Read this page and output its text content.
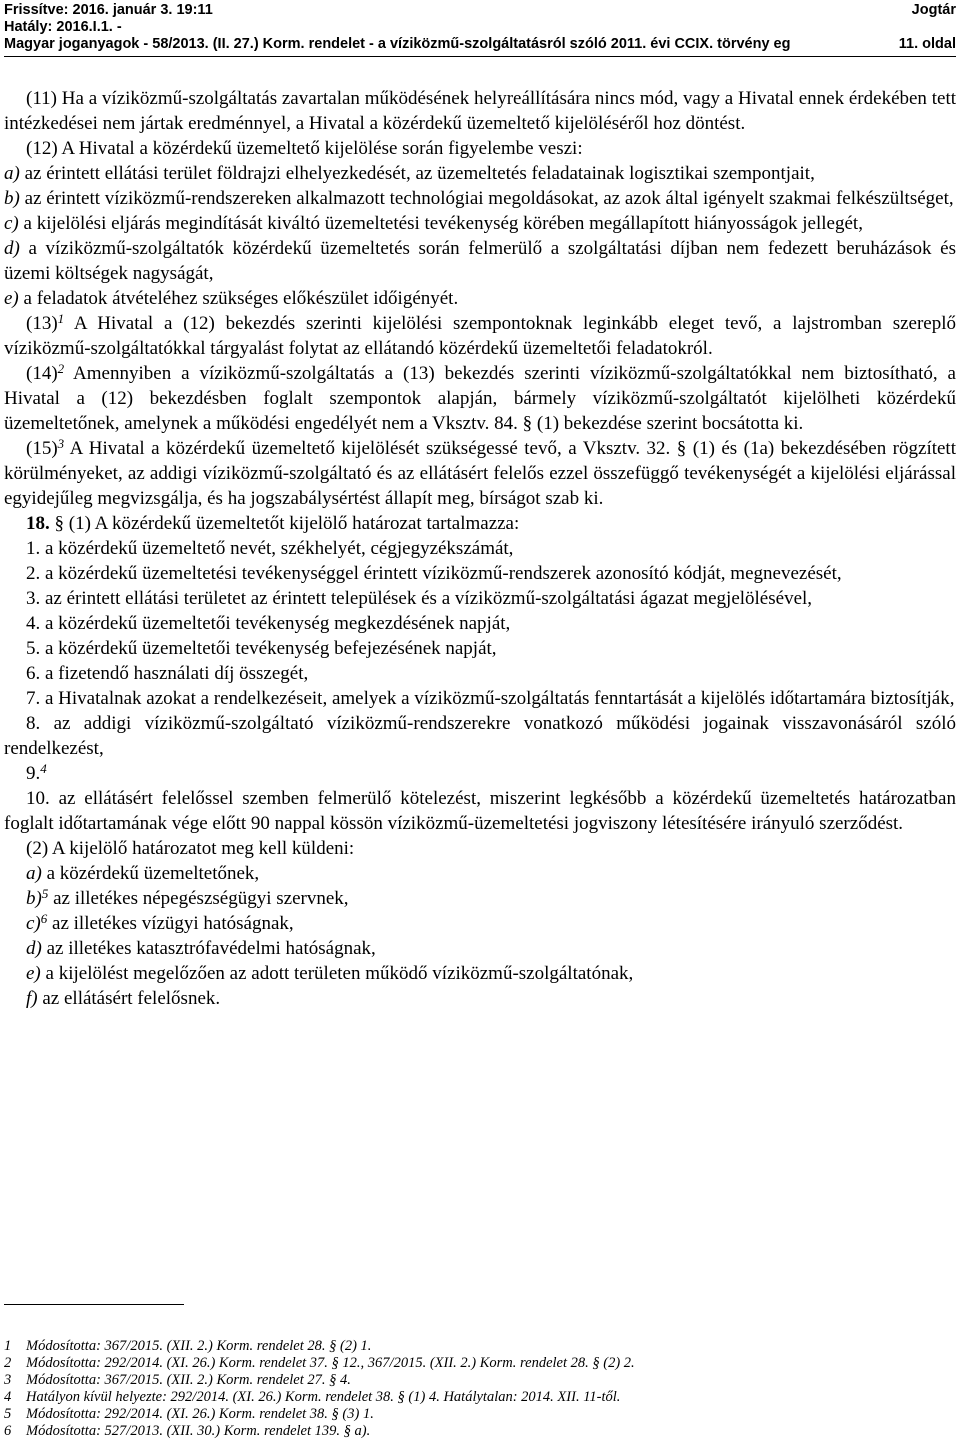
Frissítve: 2016. január 3. 19:11	Jogtár
Hatály: 2016.I.1. -
Magyar joganyagok - 58/2013. (II. 27.) Korm. rendelet - a víziközmű-szolgáltatásról szóló 2011. évi CCIX. törvény eg	11. oldal

(11) Ha a víziközmű-szolgáltatás zavartalan működésének helyreállítására nincs mód, vagy a Hivatal ennek érdekében tett intézkedései nem jártak eredménnyel, a Hivatal a közérdekű üzemeltető kijelöléséről hoz döntést.

(12) A Hivatal a közérdekű üzemeltető kijelölése során figyelembe veszi:

a) az érintett ellátási terület földrajzi elhelyezkedését, az üzemeltetés feladatainak logisztikai szempontjait,

b) az érintett víziközmű-rendszereken alkalmazott technológiai megoldásokat, az azok által igényelt szakmai felkészültséget,

c) a kijelölési eljárás megindítását kiváltó üzemeltetési tevékenység körében megállapított hiányosságok jellegét,

d) a víziközmű-szolgáltatók közérdekű üzemeltetés során felmerülő a szolgáltatási díjban nem fedezett beruházások és üzemi költségek nagyságát,

e) a feladatok átvételéhez szükséges előkészület időigényét.

$(13)^1$ A Hivatal a (12) bekezdés szerinti kijelölési szempontoknak leginkább eleget tevő, a lajstromban szereplő víziközmű-szolgáltatókkal tárgyalást folytat az ellátandó közérdekű üzemeltetői feladatokról.

$(14)^2$ Amennyiben a víziközmű-szolgáltatás a (13) bekezdés szerinti víziközmű-szolgáltatókkal nem biztosítható, a Hivatal a (12) bekezdésben foglalt szempontok alapján, bármely víziközmű-szolgáltatót kijelölheti közérdekű üzemeltetőnek, amelynek a működési engedélyét nem a Vksztv. 84. § (1) bekezdése szerint bocsátotta ki.

$(15)^3$ A Hivatal a közérdekű üzemeltető kijelölését szükségessé tevő, a Vksztv. 32. § (1) és (1a) bekezdésében rögzített körülményeket, az addigi víziközmű-szolgáltató és az ellátásért felelős ezzel összefüggő tevékenységét a kijelölési eljárással egyidejűleg megvizsgálja, és ha jogszabálysértést állapít meg, bírságot szab ki.

18. § (1) A közérdekű üzemeltetőt kijelölő határozat tartalmazza:

1. a közérdekű üzemeltető nevét, székhelyét, cégjegyzékszámát,

2. a közérdekű üzemeltetési tevékenységgel érintett víziközmű-rendszerek azonosító kódját, megnevezését,

3. az érintett ellátási területet az érintett települések és a víziközmű-szolgáltatási ágazat megjelölésével,

4. a közérdekű üzemeltetői tevékenység megkezdésének napját,

5. a közérdekű üzemeltetői tevékenység befejezésének napját,

6. a fizetendő használati díj összegét,

7. a Hivatalnak azokat a rendelkezéseit, amelyek a víziközmű-szolgáltatás fenntartását a kijelölés időtartamára biztosítják,

8. az addigi víziközmű-szolgáltató víziközmű-rendszerekre vonatkozó működési jogainak visszavonásáról szóló rendelkezést,

9.$^4$

10. az ellátásért felelőssel szemben felmerülő kötelezést, miszerint legkésőbb a közérdekű üzemeltetés határozatban foglalt időtartamának vége előtt 90 nappal kössön víziközmű-üzemeltetési jogviszony létesítésére irányuló szerződést.

(2) A kijelölő határozatot meg kell küldeni:

a) a közérdekű üzemeltetőnek,

b)$^5$ az illetékes népegészségügyi szervnek,

c)$^6$ az illetékes vízügyi hatóságnak,

d) az illetékes katasztrófavédelmi hatóságnak,

e) a kijelölést megelőzően az adott területen működő víziközmű-szolgáltatónak,

f) az ellátásért felelősnek.

1 Módosította: 367/2015. (XII. 2.) Korm. rendelet 28. § (2) 1.
2 Módosította: 292/2014. (XI. 26.) Korm. rendelet 37. § 12., 367/2015. (XII. 2.) Korm. rendelet 28. § (2) 2.
3 Módosította: 367/2015. (XII. 2.) Korm. rendelet 27. § 4.
4 Hatályon kívül helyezte: 292/2014. (XI. 26.) Korm. rendelet 38. § (1) 4. Hatálytalan: 2014. XII. 11-től.
5 Módosította: 292/2014. (XI. 26.) Korm. rendelet 38. § (3) 1.
6 Módosította: 527/2013. (XII. 30.) Korm. rendelet 139. § a).
